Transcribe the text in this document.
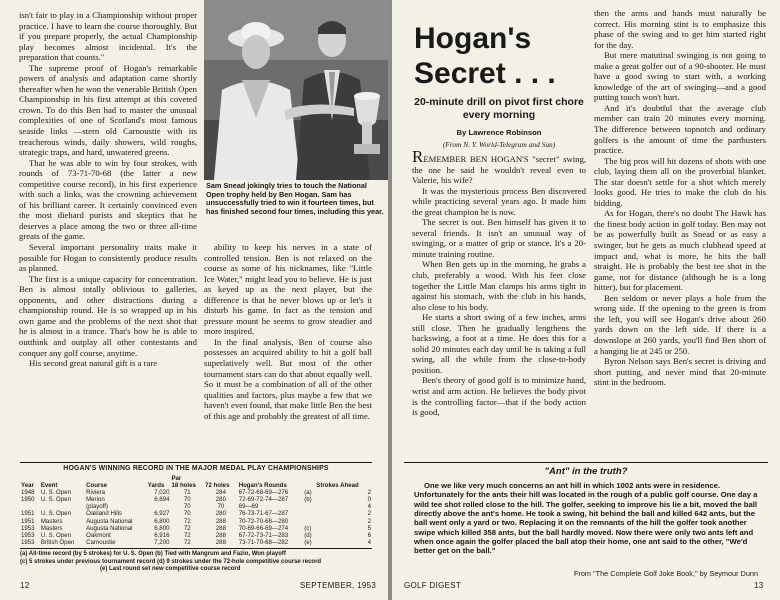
isn't fair to play in a Championship without proper practice. I have to learn the course thoroughly. But if you prepare properly, the actual Championship play becomes almost incidental. It's the preparation that counts."

The supreme proof of Hogan's remarkable powers of analysis and adaptation came shortly thereafter when he won the venerable British Open Championship in his first attempt at this coveted crown. To do this Ben had to master the unusual complexities of one of Scotland's most famous seaside links —stern old Carnoustie with its treacherous winds, daily showers, wild roughs, strategic traps, and hard, unwatered greens.

That he was able to win by four strokes, with rounds of 73-71-70-68 (the latter a new competitive course record), in his first experience with such a links, was the crowning achievement of his brilliant career. It certainly convinced even the most diehard purists and skeptics that he deserves a place among the two or three all-time greats of the game.

Several important personality traits make it possible for Hogan to consistently produce results as planned.

The first is a unique capacity for concentration. Ben is almost totally oblivious to galleries, opponents, and other distractions during a championship round. He is so wrapped up in his own game and the problems of the next shot that he is almost in a trance. That's how he is able to outthink and outplay all other contestants and conquer any golf course, anytime.

His second great natural gift is a rare

Sam Snead jokingly tries to touch the National Open trophy held by Ben Hogan. Sam has unsuccessfully tried to win it fourteen times, but has finished second four times, including this year.

ability to keep his nerves in a state of controlled tension. Ben is not relaxed on the course as some of his nicknames, like "Little Ice Water," might lead you to believe. He is just as keyed up as the next player, but the difference is that he never blows up or let's it disturb his game. In fact as the tension and pressure mount he seems to grow steadier and more inspired.

In the final analysis, Ben of course also possesses an acquired ability to hit a golf ball superlatively well. But most of the other tournament stars can do that about equally well. So it must be a combination of all of the other qualities and factors, plus maybe a few that we haven't even found, that make little Ben the best of this age and probably the greatest of all time.

HOGAN'S WINNING RECORD IN THE MAJOR MEDAL PLAY CHAMPIONSHIPS
				Par				
Year	Event	Course	Yards	18 holes	72 holes	Hogan's Rounds		Strokes Ahead
1948	U. S. Open	Riviera	7,020	71	284	67-72-68-69—276	(a)	2
1950	U. S. Open	Merion	6,694	70	280	72-69-72-74—287	(b)	0
		(playoff)		70	70	69—69		4
1951	U. S. Open	Oakland Hills	6,927	70	280	76-73-71-67—287		2
1951	Masters	Augusta National	6,800	72	288	70-72-70-68—280		2
1953	Masters	Augusta National	6,800	72	288	70-69-66-69—274	(c)	5
1953	U. S. Open	Oakmont	6,916	72	288	67-72-73-71—283	(d)	6
1953	British Open	Carnoustie	7,200	72	288	73-71-70-68—282	(e)	4
(a) All-time record (by 5 strokes) for U. S. Open (b) Tied with Mangrum and Fazio, Won playoff
(c) 5 strokes under previous tournament record (d) 9 strokes under the 72-hole competitive course record
(e) Last round set new competitive course record
12	SEPTEMBER, 1953
Hogan's
Secret . . .
20-minute drill on pivot first chore every morning
By Lawrence Robinson
(From N. Y. World-Telegram and Sun)

REMEMBER BEN HOGAN'S "secret" swing, the one he said he wouldn't reveal even to Valerie, his wife?

It was the mysterious process Ben discovered while practicing several years ago. It made him the great champion he is now.

The secret is out. Ben himself has given it to several friends. It isn't an unusual way of swinging, or a matter of grip or stance. It's a 20-minute training routine.

When Ben gets up in the morning, he grabs a club, preferably a wood. With his feet close together the Little Man clamps his arms tight in against his stomach, with the club in his hands, also close to his body.

He starts a short swing of a few inches, arms still close. Then he gradually lengthens the backswing, a foot at a time. He does this for a solid 20 minutes each day until he is taking a full swing, all the while from the close-to-body position.

Ben's theory of good golf is to minimize hand, wrist and arm action. He believes the body pivot is the controlling factor—that if the body action is good,

then the arms and hands must naturally be correct. His morning stint is to emphasize this phase of the swing and to get him started right for the day.

But mere matutinal swinging is not going to make a great golfer out of a 90-shooter. He must have a good swing to start with, a working knowledge of the art of swinging—and a good putting touch won't hurt.

And it's doubtful that the average club member can train 20 minutes every morning. The difference between topnotch and ordinary golfers is the amount of time the partbusters practice.

The big pros will hit dozens of shots with one club, laying them all on the proverbial blanket. The star doesn't settle for a shot which merely looks good. He tries to make the club do his bidding.

As for Hogan, there's no doubt The Hawk has the finest body action in golf today. Ben may not be as powerfully built as Snead or as easy a swinger, but he gets as much clubhead speed at impact and, what is more, he hits the ball straight. He is probably the best tee shot in the game, not for distance (although he is a long hitter), but for placement.

Ben seldom or never plays a hole from the wrong side. If the opening to the green is from the left, you will see Hogan's drive about 260 yards down on the left side. If there is a downslope at 260 yards, you'll find Ben short of a hanging lie at 245 or 250.

Byron Nelson says Ben's secret is driving and short putting, and never mind that 20-minute stint in the bedroom.

"Ant" in the truth?

One we like very much concerns an ant hill in which 1002 ants were in residence. Unfortunately for the ants their hill was located in the rough of a public golf course. One day a wild tee shot rolled close to the hill. The golfer, seeking to improve his lie a bit, moved the ball directly above the ant's home. He took a swing, hit behind the ball and killed 642 ants, but the ball went only a yard or two. Replacing it on the remnants of the hill the golfer took another swipe which killed 358 ants, but the ball hardly moved. Now there were only two ants left and when once again the golfer placed the ball atop their home, one ant said to the other, "We'd better get on the ball."

From "The Complete Golf Joke Book," by Seymour Dunn
GOLF DIGEST	13
